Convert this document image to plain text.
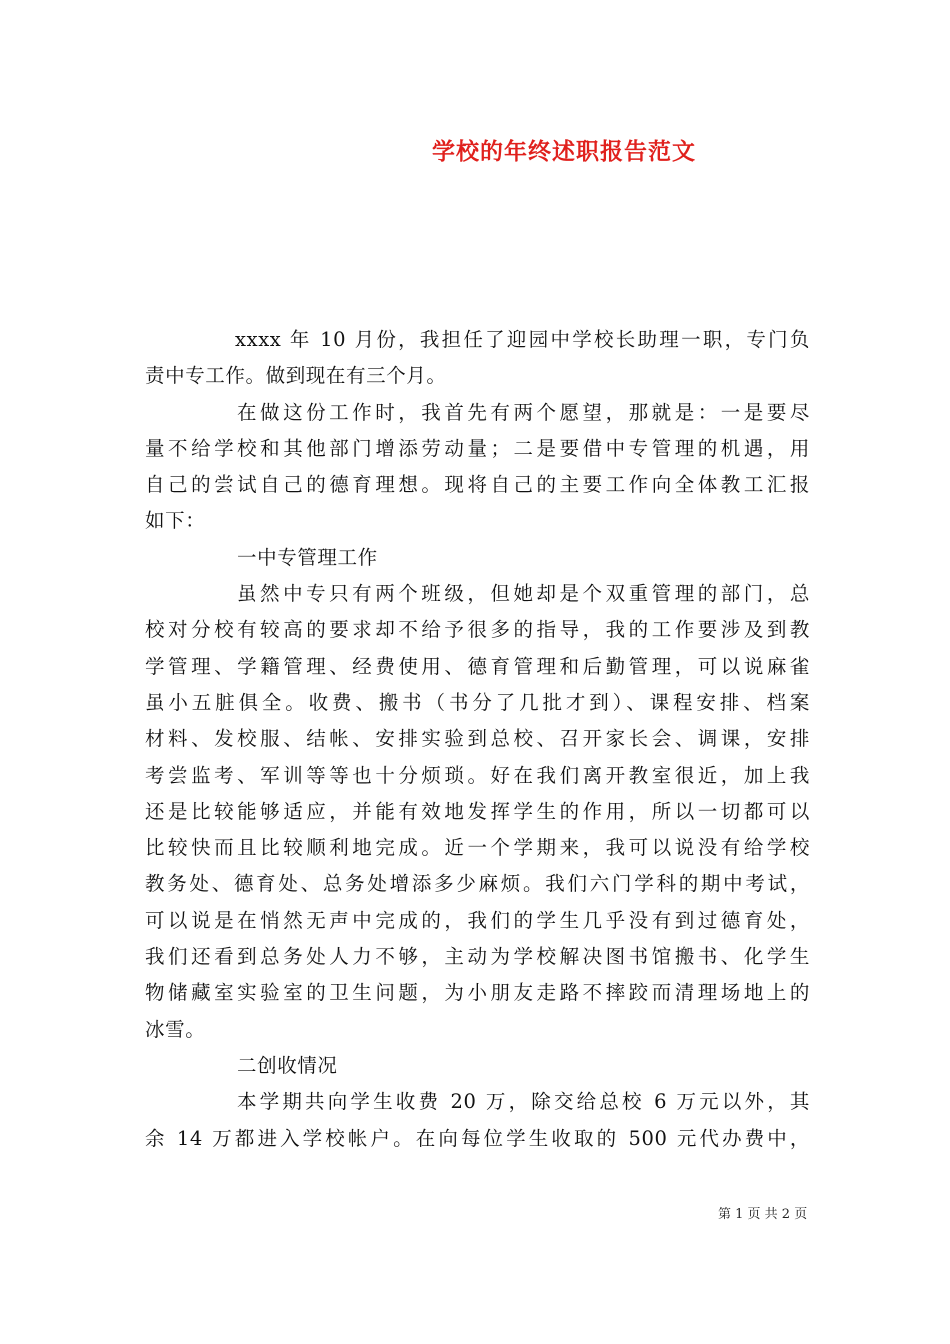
学校的年终述职报告范文
xxxx 年 10 月份，我担任了迎园中学校长助理一职，专门负
责中专工作。做到现在有三个月。
在做这份工作时，我首先有两个愿望，那就是：一是要尽
量不给学校和其他部门增添劳动量；二是要借中专管理的机遇，用
自己的尝试自己的德育理想。现将自己的主要工作向全体教工汇报
如下：
一中专管理工作
虽然中专只有两个班级，但她却是个双重管理的部门，总
校对分校有较高的要求却不给予很多的指导，我的工作要涉及到教
学管理、学籍管理、经费使用、德育管理和后勤管理，可以说麻雀
虽小五脏俱全。收费、搬书（书分了几批才到）、课程安排、档案
材料、发校服、结帐、安排实验到总校、召开家长会、调课，安排
考尝监考、军训等等也十分烦琐。好在我们离开教室很近，加上我
还是比较能够适应，并能有效地发挥学生的作用，所以一切都可以
比较快而且比较顺利地完成。近一个学期来，我可以说没有给学校
教务处、德育处、总务处增添多少麻烦。我们六门学科的期中考试，
可以说是在悄然无声中完成的，我们的学生几乎没有到过德育处，
我们还看到总务处人力不够，主动为学校解决图书馆搬书、化学生
物储藏室实验室的卫生问题，为小朋友走路不摔跤而清理场地上的
冰雪。
二创收情况
本学期共向学生收费 20 万，除交给总校 6 万元以外，其
余 14 万都进入学校帐户。在向每位学生收取的 500 元代办费中，
第 1 页 共 2 页
